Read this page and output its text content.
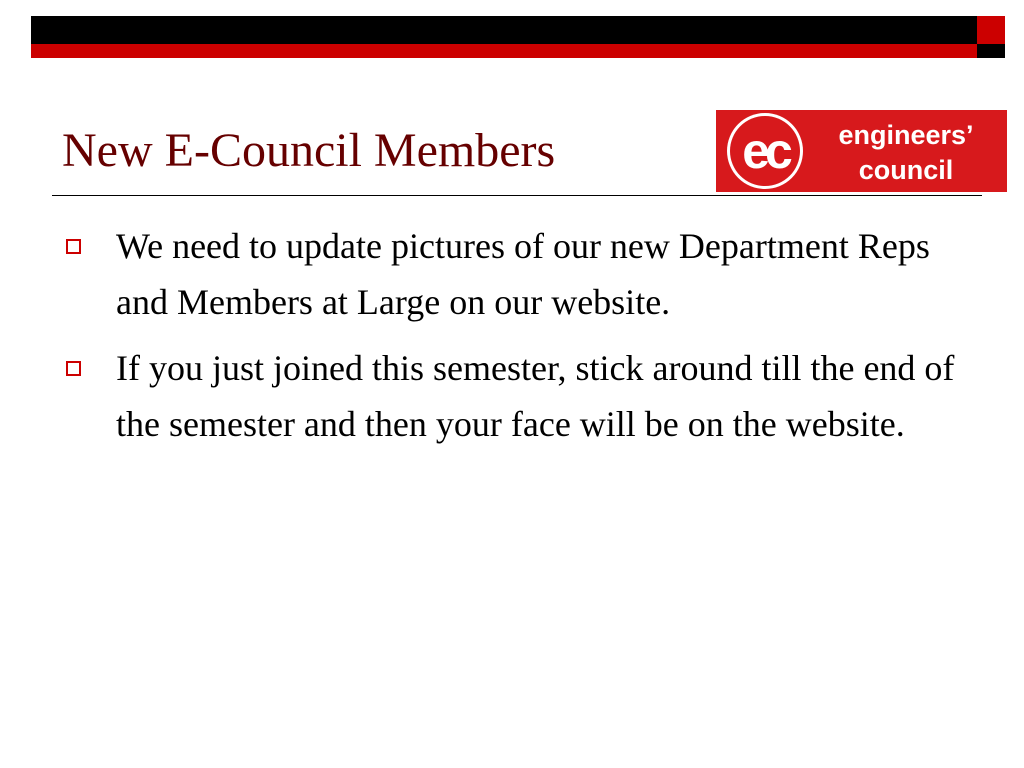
New E-Council Members	ec engineers’
council
We need to update pictures of our new Department Reps and Members at Large on our website.
If you just joined this semester, stick around till the end of the semester and then your face will be on the website.
